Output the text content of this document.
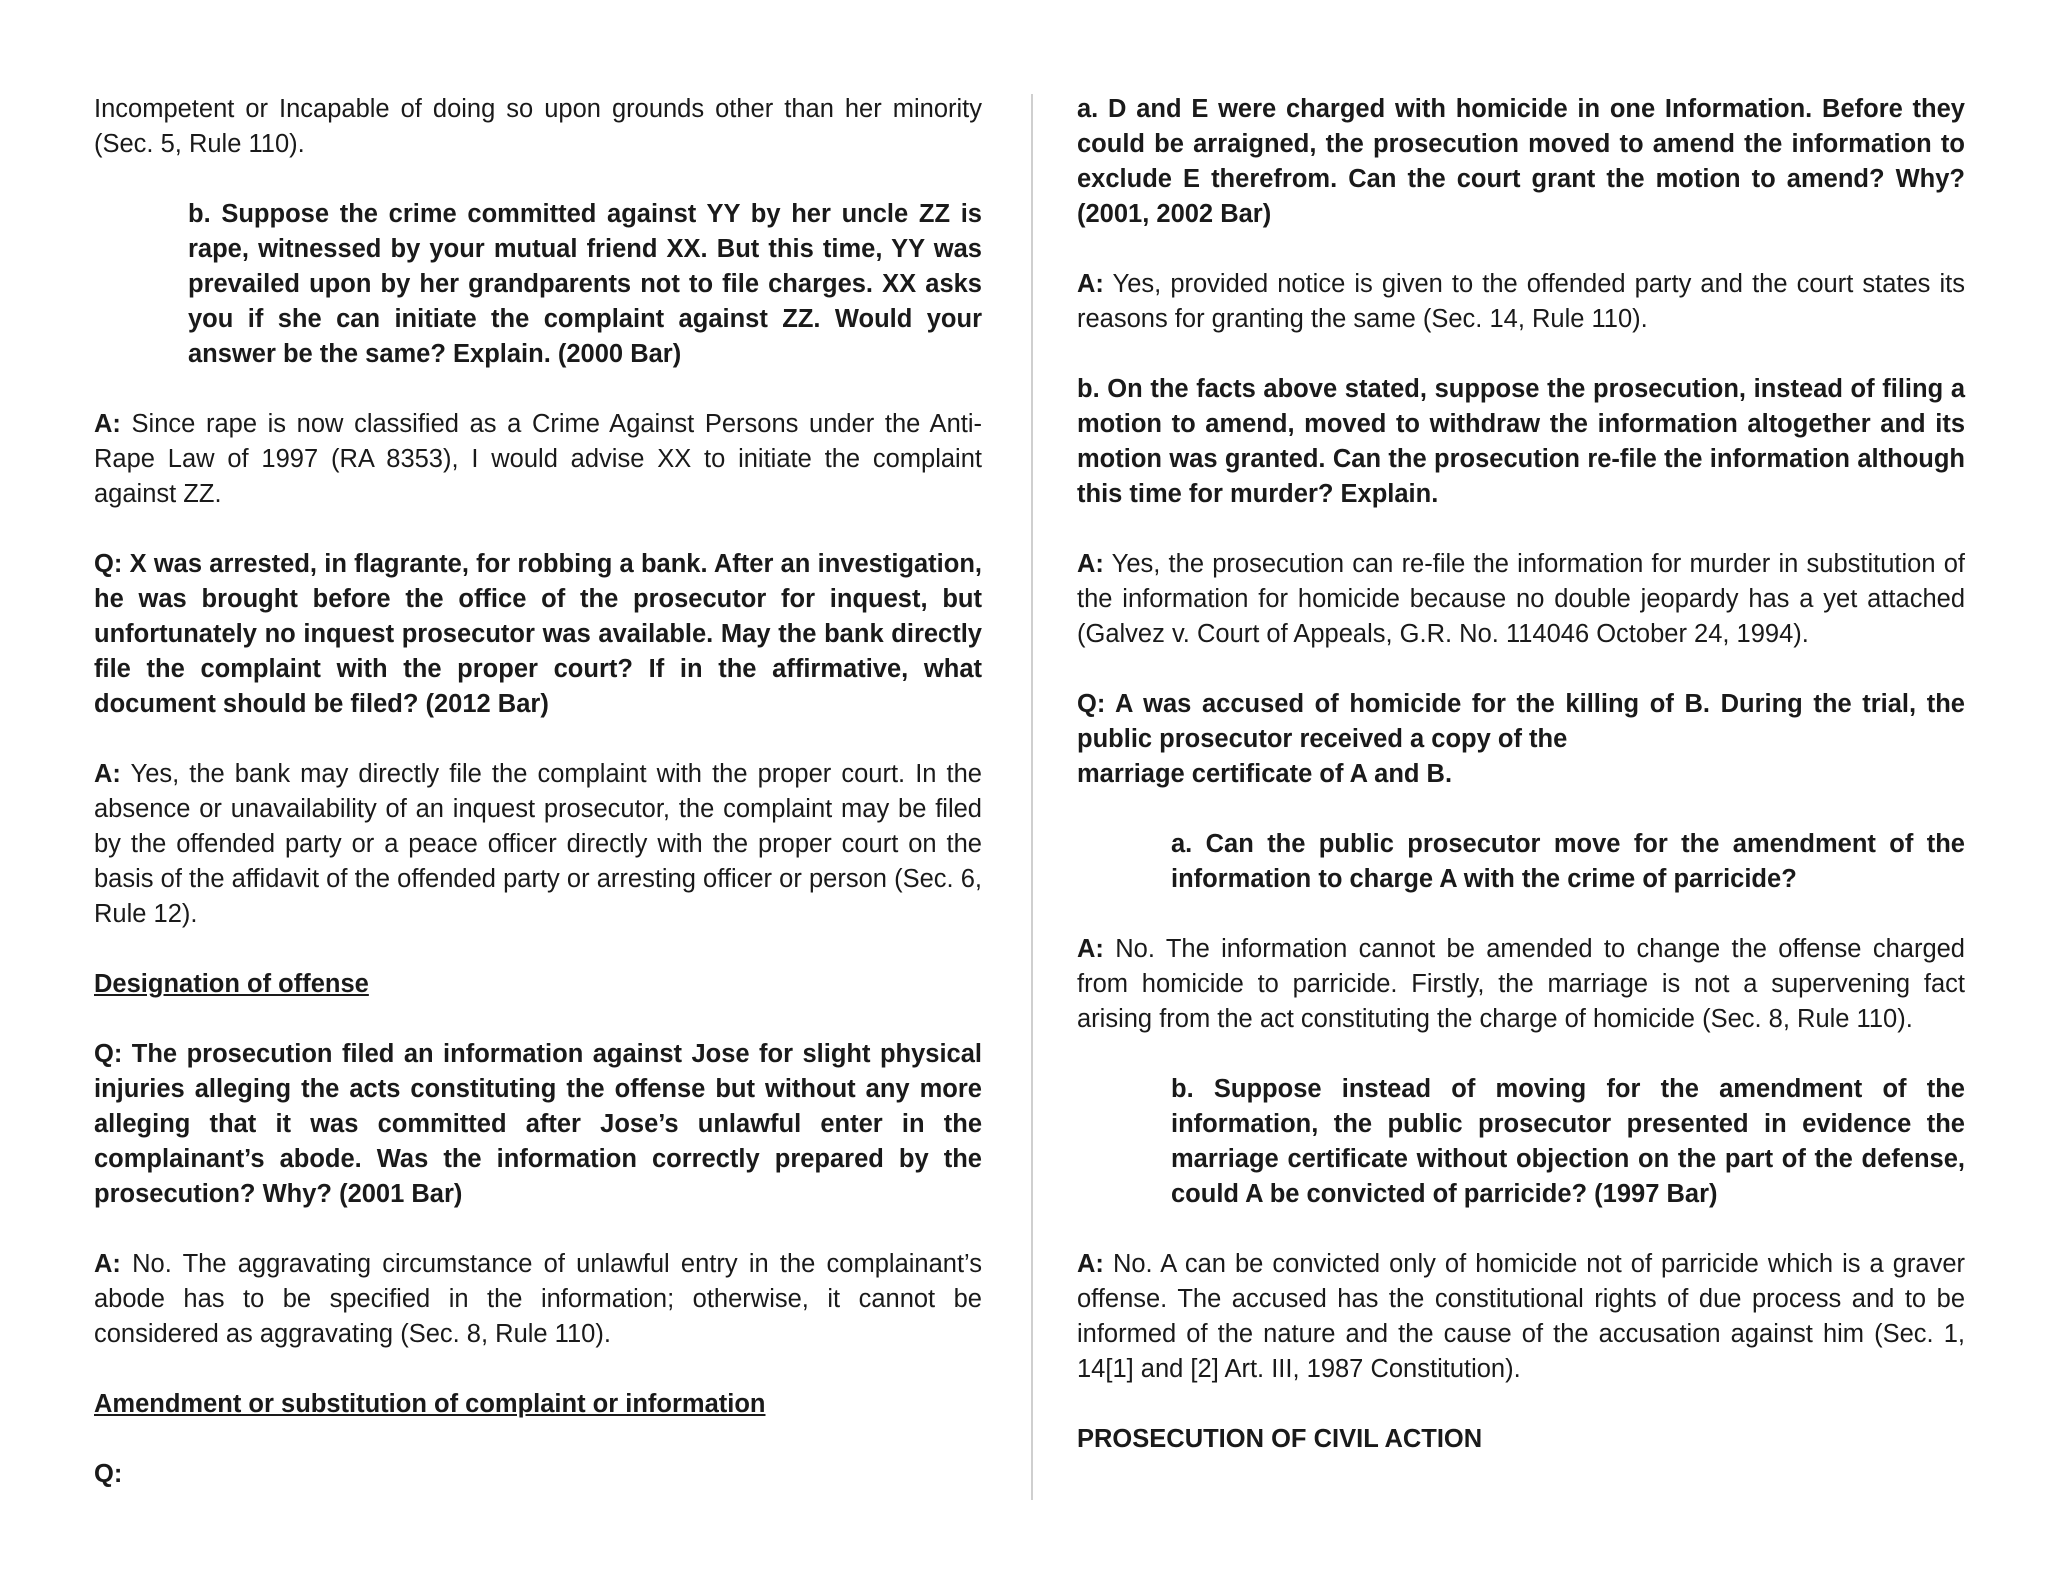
Incompetent or Incapable of doing so upon grounds other than her minority (Sec. 5, Rule 110).

b. Suppose the crime committed against YY by her uncle ZZ is rape, witnessed by your mutual friend XX. But this time, YY was prevailed upon by her grandparents not to file charges. XX asks you if she can initiate the complaint against ZZ. Would your answer be the same? Explain. (2000 Bar)

A: Since rape is now classified as a Crime Against Persons under the Anti-Rape Law of 1997 (RA 8353), I would advise XX to initiate the complaint against ZZ.

Q: X was arrested, in flagrante, for robbing a bank. After an investigation, he was brought before the office of the prosecutor for inquest, but unfortunately no inquest prosecutor was available. May the bank directly file the complaint with the proper court? If in the affirmative, what document should be filed? (2012 Bar)

A: Yes, the bank may directly file the complaint with the proper court. In the absence or unavailability of an inquest prosecutor, the complaint may be filed by the offended party or a peace officer directly with the proper court on the basis of the affidavit of the offended party or arresting officer or person (Sec. 6, Rule 12).

Designation of offense

Q: The prosecution filed an information against Jose for slight physical injuries alleging the acts constituting the offense but without any more alleging that it was committed after Jose’s unlawful enter in the complainant’s abode. Was the information correctly prepared by the prosecution? Why? (2001 Bar)

A: No. The aggravating circumstance of unlawful entry in the complainant’s abode has to be specified in the information; otherwise, it cannot be considered as aggravating (Sec. 8, Rule 110).

Amendment or substitution of complaint or information

Q:

a. D and E were charged with homicide in one Information. Before they could be arraigned, the prosecution moved to amend the information to exclude E therefrom. Can the court grant the motion to amend? Why? (2001, 2002 Bar)

A: Yes, provided notice is given to the offended party and the court states its reasons for granting the same (Sec. 14, Rule 110).

b. On the facts above stated, suppose the prosecution, instead of filing a motion to amend, moved to withdraw the information altogether and its motion was granted. Can the prosecution re-file the information although this time for murder? Explain.

A: Yes, the prosecution can re-file the information for murder in substitution of the information for homicide because no double jeopardy has a yet attached (Galvez v. Court of Appeals, G.R. No. 114046 October 24, 1994).

Q: A was accused of homicide for the killing of B. During the trial, the public prosecutor received a copy of the

marriage certificate of A and B.

a. Can the public prosecutor move for the amendment of the information to charge A with the crime of parricide?

A: No. The information cannot be amended to change the offense charged from homicide to parricide. Firstly, the marriage is not a supervening fact arising from the act constituting the charge of homicide (Sec. 8, Rule 110).

b. Suppose instead of moving for the amendment of the information, the public prosecutor presented in evidence the marriage certificate without objection on the part of the defense, could A be convicted of parricide? (1997 Bar)

A: No. A can be convicted only of homicide not of parricide which is a graver offense. The accused has the constitutional rights of due process and to be informed of the nature and the cause of the accusation against him (Sec. 1, 14[1] and [2] Art. III, 1987 Constitution).

PROSECUTION OF CIVIL ACTION
